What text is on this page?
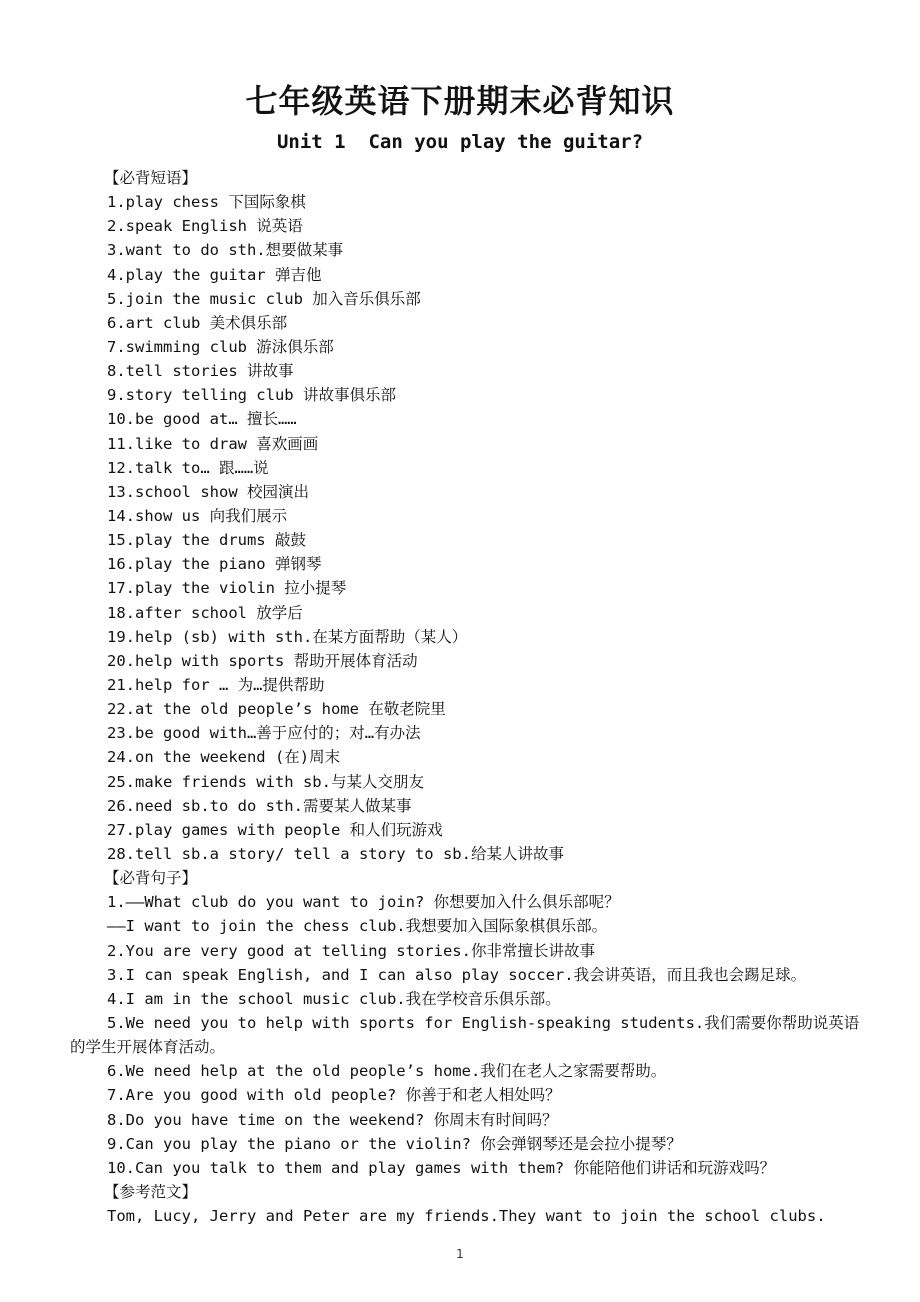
七年级英语下册期末必背知识
Unit 1  Can you play the guitar?
【必背短语】
1.play chess 下国际象棋
2.speak English 说英语
3.want to do sth.想要做某事
4.play the guitar 弹吉他
5.join the music club 加入音乐俱乐部
6.art club 美术俱乐部
7.swimming club 游泳俱乐部
8.tell stories 讲故事
9.story telling club 讲故事俱乐部
10.be good at… 擅长……
11.like to draw 喜欢画画
12.talk to… 跟……说
13.school show 校园演出
14.show us 向我们展示
15.play the drums 敲鼓
16.play the piano 弹钢琴
17.play the violin 拉小提琴
18.after school 放学后
19.help (sb) with sth.在某方面帮助（某人）
20.help with sports 帮助开展体育活动
21.help for … 为…提供帮助
22.at the old people’s home 在敬老院里
23.be good with…善于应付的；对…有办法
24.on the weekend (在)周末
25.make friends with sb.与某人交朋友
26.need sb.to do sth.需要某人做某事
27.play games with people 和人们玩游戏
28.tell sb.a story/ tell a story to sb.给某人讲故事
【必背句子】
1.——What club do you want to join? 你想要加入什么俱乐部呢？
——I want to join the chess club.我想要加入国际象棋俱乐部。
2.You are very good at telling stories.你非常擅长讲故事
3.I can speak English, and I can also play soccer.我会讲英语，而且我也会踢足球。
4.I am in the school music club.我在学校音乐俱乐部。
5.We need you to help with sports for English-speaking students.我们需要你帮助说英语的学生开展体育活动。
6.We need help at the old people’s home.我们在老人之家需要帮助。
7.Are you good with old people? 你善于和老人相处吗？
8.Do you have time on the weekend? 你周末有时间吗？
9.Can you play the piano or the violin? 你会弹钢琴还是会拉小提琴？
10.Can you talk to them and play games with them? 你能陪他们讲话和玩游戏吗？
【参考范文】
Tom, Lucy, Jerry and Peter are my friends.They want to join the school clubs.
1
